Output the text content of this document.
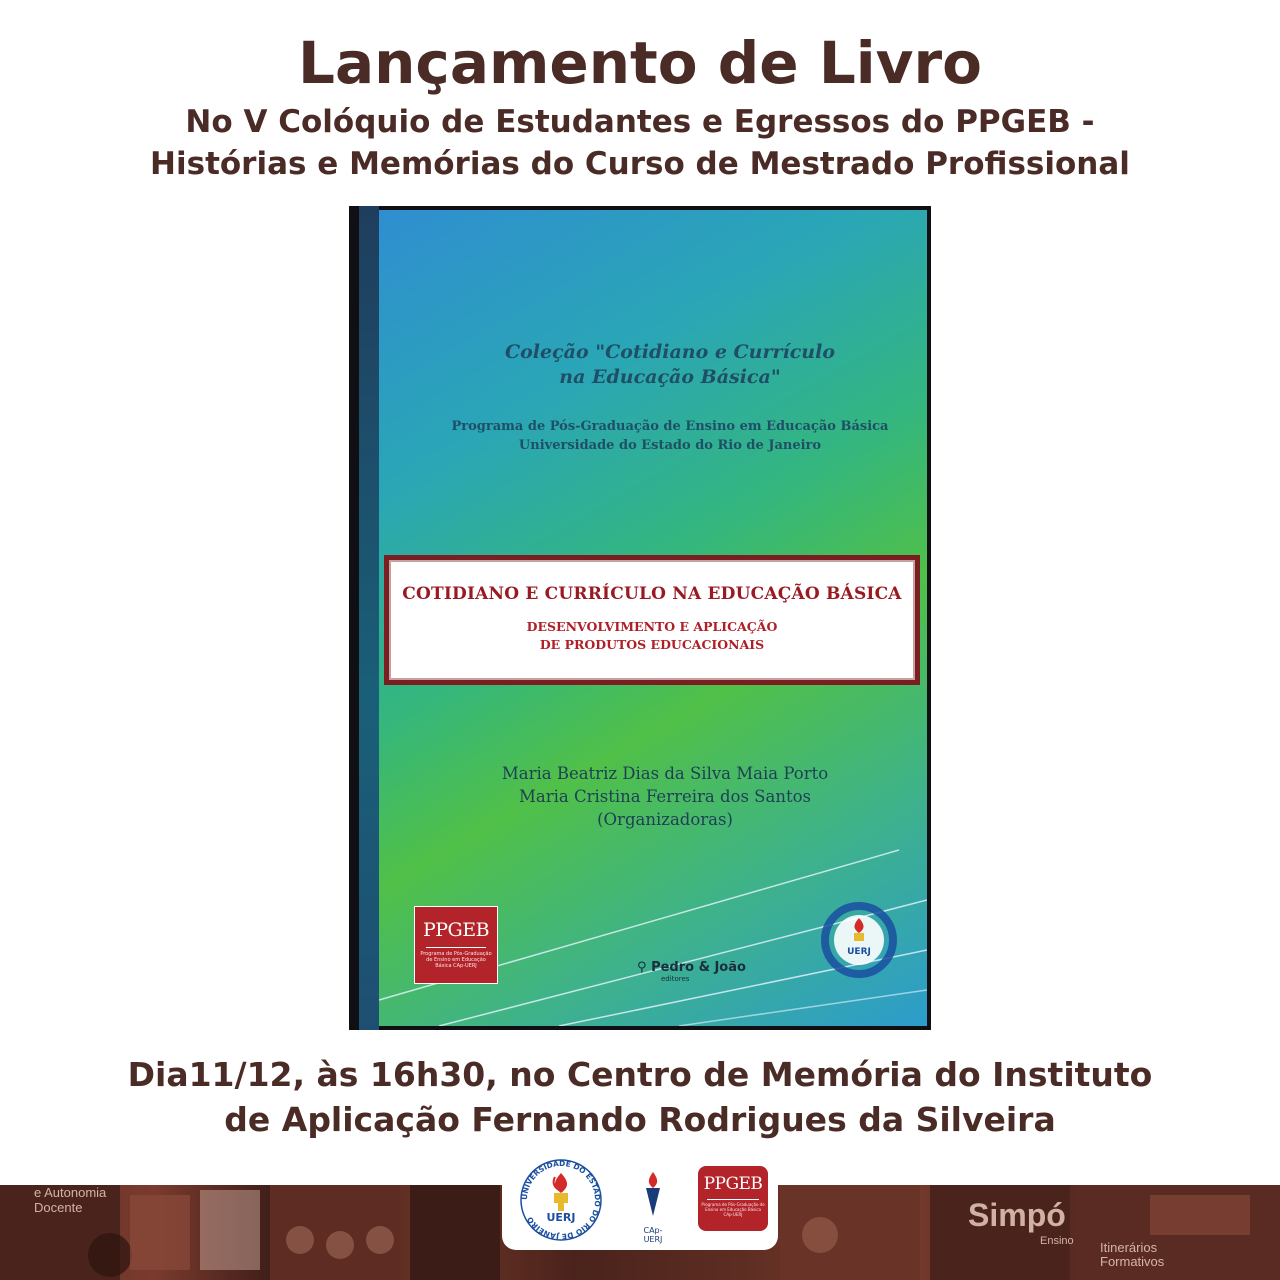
Lançamento de Livro
No V Colóquio de Estudantes e Egressos do PPGEB -
Histórias e Memórias do Curso de Mestrado Profissional
Coleção "Cotidiano e Currículo
na Educação Básica"
Programa de Pós-Graduação de Ensino em Educação Básica
Universidade do Estado do Rio de Janeiro
COTIDIANO E CURRÍCULO NA EDUCAÇÃO BÁSICA
DESENVOLVIMENTO E APLICAÇÃO
DE PRODUTOS EDUCACIONAIS
Maria Beatriz Dias da Silva Maia Porto
Maria Cristina Ferreira dos Santos
(Organizadoras)
PPGEB
Programa de Pós-Graduação de Ensino em Educação Básica CAp-UERJ	⚲ Pedro & João
editores
UERJ
Dia11/12, às 16h30, no Centro de Memória do Instituto
de Aplicação Fernando Rodrigues da Silveira
e Autonomia Docente	Simpó
Ensino Itinerários Formativos
UNIVERSIDADE DO ESTADO DO RIO DE JANEIRO UERJ
CAp-UERJ
PPGEB
Programa de Pós-Graduação de Ensino em Educação Básica CAp-UERJ
